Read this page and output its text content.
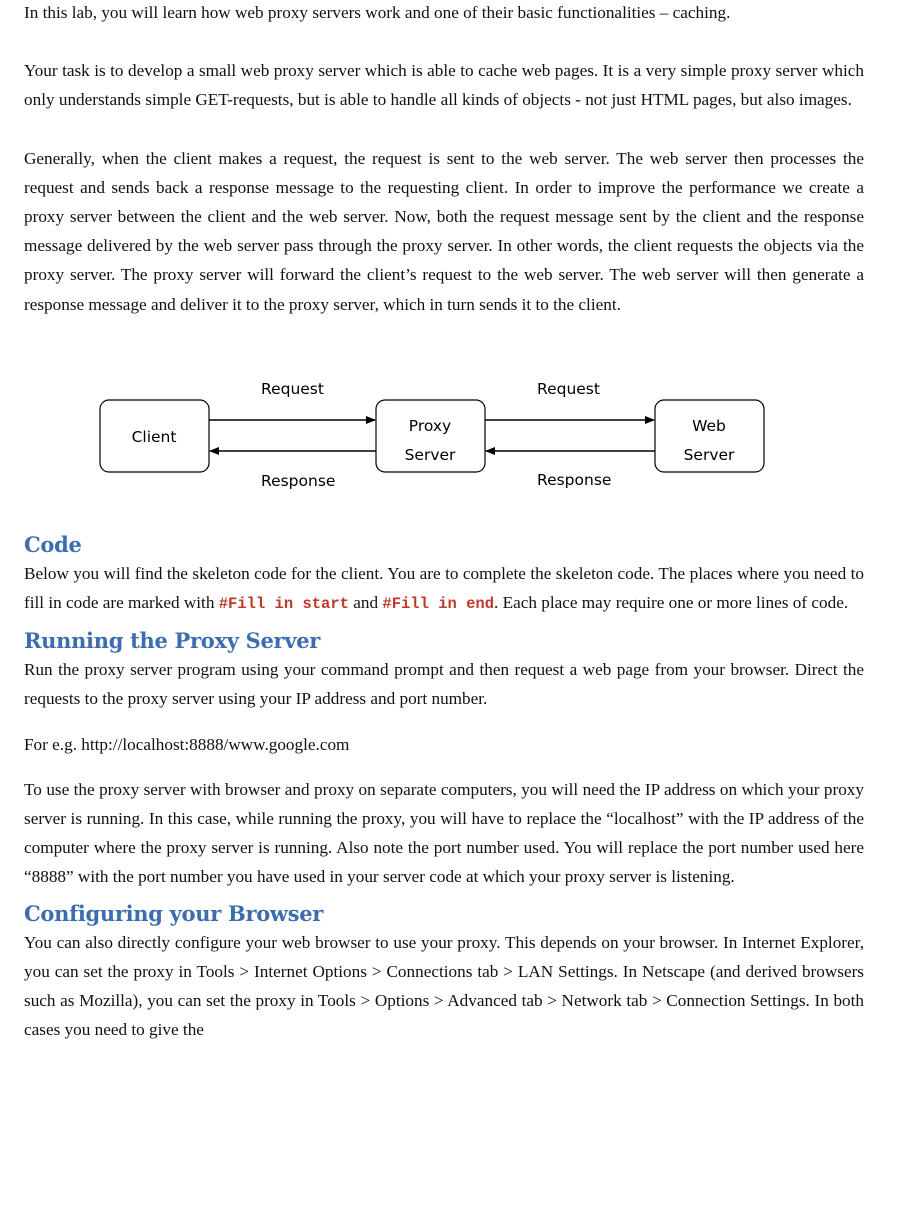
In this lab, you will learn how web proxy servers work and one of their basic functionalities – caching.

Your task is to develop a small web proxy server which is able to cache web pages. It is a very simple proxy server which only understands simple GET-requests, but is able to handle all kinds of objects - not just HTML pages, but also images.

Generally, when the client makes a request, the request is sent to the web server. The web server then processes the request and sends back a response message to the requesting client. In order to improve the performance we create a proxy server between the client and the web server. Now, both the request message sent by the client and the response message delivered by the web server pass through the proxy server. In other words, the client requests the objects via the proxy server. The proxy server will forward the client’s request to the web server. The web server will then generate a response message and deliver it to the proxy server, which in turn sends it to the client.

Client
Proxy
Server
Web
Server
Request	Request
Response	Response
Code

Below you will find the skeleton code for the client. You are to complete the skeleton code. The places where you need to fill in code are marked with #Fill in start and #Fill in end. Each place may require one or more lines of code.

Running the Proxy Server

Run the proxy server program using your command prompt and then request a web page from your browser. Direct the requests to the proxy server using your IP address and port number.

For e.g. http://localhost:8888/www.google.com

To use the proxy server with browser and proxy on separate computers, you will need the IP address on which your proxy server is running. In this case, while running the proxy, you will have to replace the “localhost” with the IP address of the computer where the proxy server is running. Also note the port number used. You will replace the port number used here “8888” with the port number you have used in your server code at which your proxy server is listening.

Configuring your Browser

You can also directly configure your web browser to use your proxy. This depends on your browser. In Internet Explorer, you can set the proxy in Tools > Internet Options > Connections tab > LAN Settings. In Netscape (and derived browsers such as Mozilla), you can set the proxy in Tools > Options > Advanced tab > Network tab > Connection Settings. In both cases you need to give the
